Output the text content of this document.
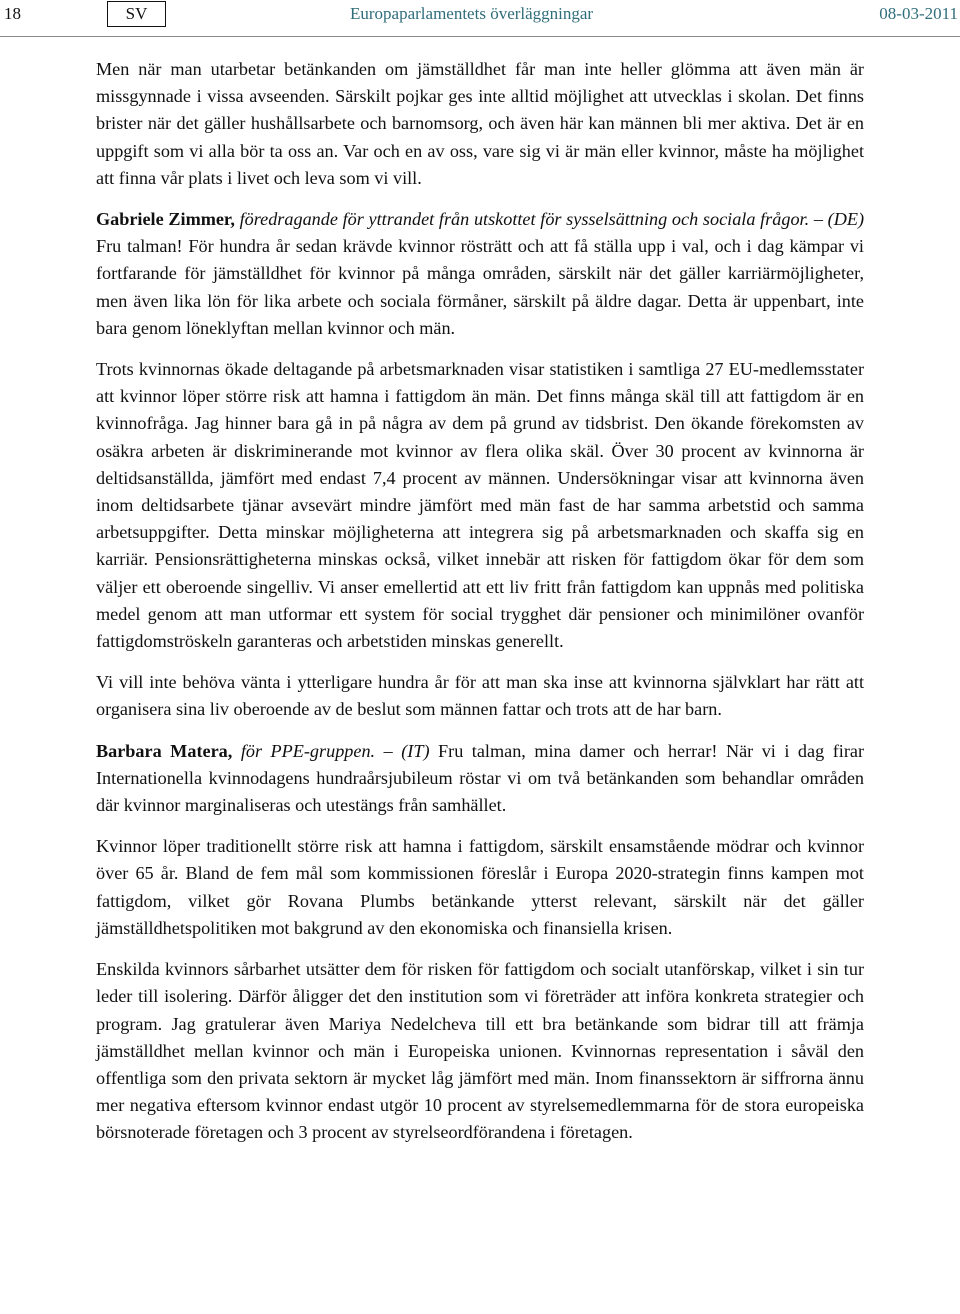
18	SV	Europaparlamentets överläggningar	08-03-2011

Men när man utarbetar betänkanden om jämställdhet får man inte heller glömma att även män är missgynnade i vissa avseenden. Särskilt pojkar ges inte alltid möjlighet att utvecklas i skolan. Det finns brister när det gäller hushållsarbete och barnomsorg, och även här kan männen bli mer aktiva. Det är en uppgift som vi alla bör ta oss an. Var och en av oss, vare sig vi är män eller kvinnor, måste ha möjlighet att finna vår plats i livet och leva som vi vill.

Gabriele Zimmer, föredragande för yttrandet från utskottet för sysselsättning och sociala frågor. – (DE) Fru talman! För hundra år sedan krävde kvinnor rösträtt och att få ställa upp i val, och i dag kämpar vi fortfarande för jämställdhet för kvinnor på många områden, särskilt när det gäller karriärmöjligheter, men även lika lön för lika arbete och sociala förmåner, särskilt på äldre dagar. Detta är uppenbart, inte bara genom löneklyftan mellan kvinnor och män.

Trots kvinnornas ökade deltagande på arbetsmarknaden visar statistiken i samtliga 27 EU-medlemsstater att kvinnor löper större risk att hamna i fattigdom än män. Det finns många skäl till att fattigdom är en kvinnofråga. Jag hinner bara gå in på några av dem på grund av tidsbrist. Den ökande förekomsten av osäkra arbeten är diskriminerande mot kvinnor av flera olika skäl. Över 30 procent av kvinnorna är deltidsanställda, jämfört med endast 7,4 procent av männen. Undersökningar visar att kvinnorna även inom deltidsarbete tjänar avsevärt mindre jämfört med män fast de har samma arbetstid och samma arbetsuppgifter. Detta minskar möjligheterna att integrera sig på arbetsmarknaden och skaffa sig en karriär. Pensionsrättigheterna minskas också, vilket innebär att risken för fattigdom ökar för dem som väljer ett oberoende singelliv. Vi anser emellertid att ett liv fritt från fattigdom kan uppnås med politiska medel genom att man utformar ett system för social trygghet där pensioner och minimilöner ovanför fattigdomströskeln garanteras och arbetstiden minskas generellt.

Vi vill inte behöva vänta i ytterligare hundra år för att man ska inse att kvinnorna självklart har rätt att organisera sina liv oberoende av de beslut som männen fattar och trots att de har barn.

Barbara Matera, för PPE-gruppen. – (IT) Fru talman, mina damer och herrar! När vi i dag firar Internationella kvinnodagens hundraårsjubileum röstar vi om två betänkanden som behandlar områden där kvinnor marginaliseras och utestängs från samhället.

Kvinnor löper traditionellt större risk att hamna i fattigdom, särskilt ensamstående mödrar och kvinnor över 65 år. Bland de fem mål som kommissionen föreslår i Europa 2020-strategin finns kampen mot fattigdom, vilket gör Rovana Plumbs betänkande ytterst relevant, särskilt när det gäller jämställdhetspolitiken mot bakgrund av den ekonomiska och finansiella krisen.

Enskilda kvinnors sårbarhet utsätter dem för risken för fattigdom och socialt utanförskap, vilket i sin tur leder till isolering. Därför åligger det den institution som vi företräder att införa konkreta strategier och program. Jag gratulerar även Mariya Nedelcheva till ett bra betänkande som bidrar till att främja jämställdhet mellan kvinnor och män i Europeiska unionen. Kvinnornas representation i såväl den offentliga som den privata sektorn är mycket låg jämfört med män. Inom finanssektorn är siffrorna ännu mer negativa eftersom kvinnor endast utgör 10 procent av styrelsemedlemmarna för de stora europeiska börsnoterade företagen och 3 procent av styrelseordförandena i företagen.
